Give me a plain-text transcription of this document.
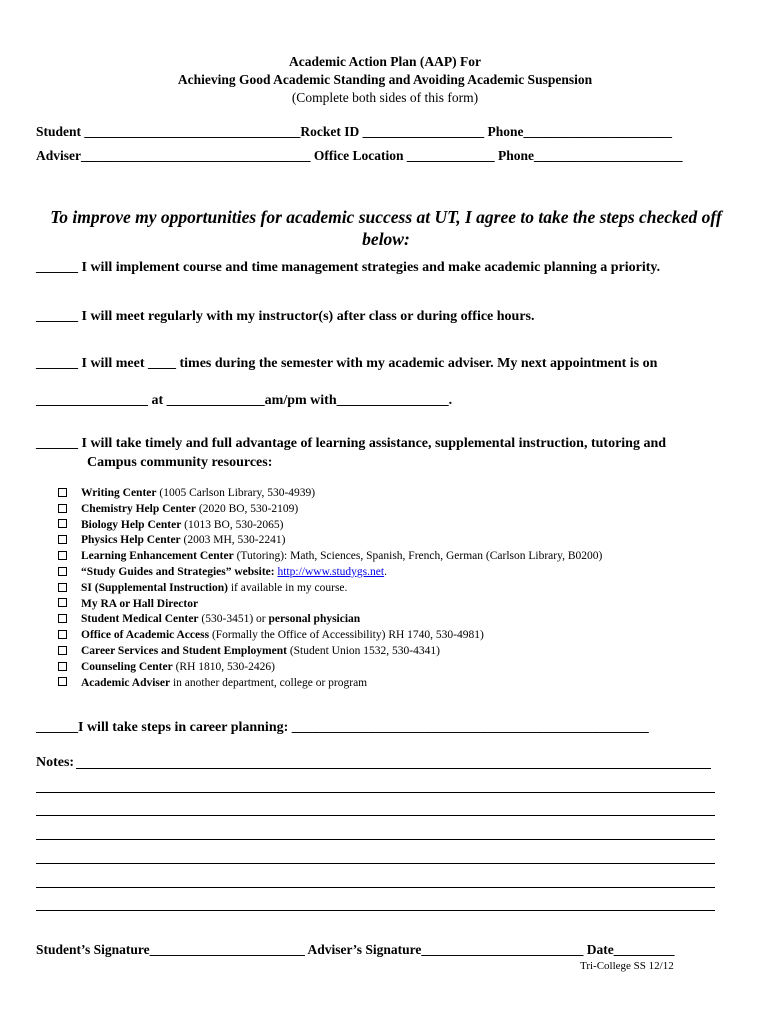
Academic Action Plan (AAP) For
Achieving Good Academic Standing and Avoiding Academic Suspension
(Complete both sides of this form)
Student ________________________________Rocket ID __________________ Phone______________________
Adviser__________________________________ Office Location _____________ Phone______________________
To improve my opportunities for academic success at UT, I agree to take the steps checked off below:
______ I will implement course and time management strategies and make academic planning a priority.
______ I will meet regularly with my instructor(s) after class or during office hours.
______ I will meet ____ times during the semester with my academic adviser. My next appointment is on
________________ at ______________am/pm with________________.
______ I will take timely and full advantage of learning assistance, supplemental instruction, tutoring and
Campus community resources:
Writing Center (1005 Carlson Library, 530-4939)
Chemistry Help Center (2020 BO, 530-2109)
Biology Help Center (1013 BO, 530-2065)
Physics Help Center (2003 MH, 530-2241)
Learning Enhancement Center (Tutoring): Math, Sciences, Spanish, French, German (Carlson Library, B0200)
“Study Guides and Strategies” website: http://www.studygs.net.
SI (Supplemental Instruction) if available in my course.
My RA or Hall Director
Student Medical Center (530-3451) or personal physician
Office of Academic Access (Formally the Office of Accessibility) RH 1740, 530-4981)
Career Services and Student Employment (Student Union 1532, 530-4341)
Counseling Center (RH 1810, 530-2426)
Academic Adviser in another department, college or program
______I will take steps in career planning: ___________________________________________________
Notes:
Student’s Signature_______________________ Adviser’s Signature________________________ Date_________
Tri-College SS 12/12
